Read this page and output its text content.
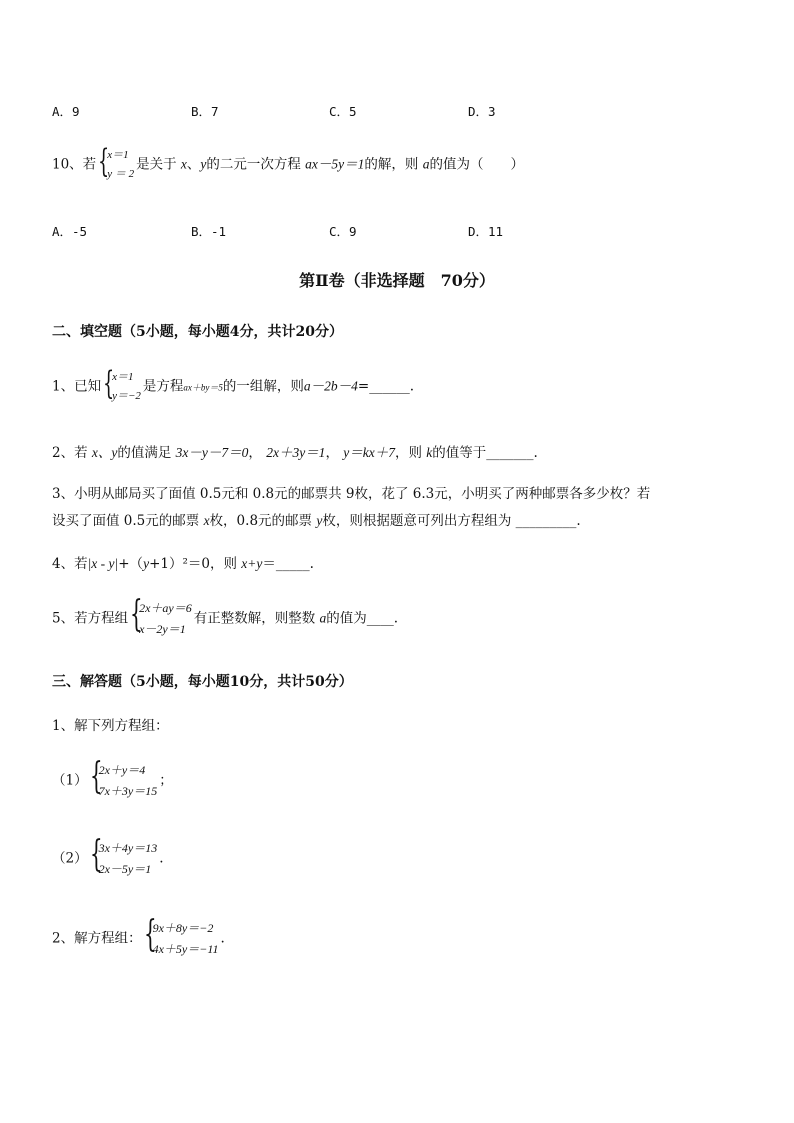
A．9	B．7	C．5	D．3
10、若 {
x＝1
y ＝ 2
是关于 x、y的二元一次方程 ax－5y＝1的解，则 a的值为（　　）
A．-5	B．-1	C．9	D．11
第Ⅱ卷（非选择题　70分）
二、填空题（5小题，每小题4分，共计20分）
1、已知 {
x＝1
y＝−2
是方程ax＋by＝5的一组解，则a－2b－4=______.
2、若 x、y的值满足 3x－y－7＝0， 2x＋3y＝1， y＝kx＋7，则 k的值等于_______.
3、小明从邮局买了面值 0.5元和 0.8元的邮票共 9枚，花了 6.3元，小明买了两种邮票各多少枚？若
设买了面值 0.5元的邮票 x枚，0.8元的邮票 y枚，则根据题意可列出方程组为 _________.
4、若|x - y|+（y+1）²＝0，则 x+y＝_____.
5、若方程组 {
2x＋ay＝6
x－2y＝1
有正整数解，则整数 a的值为____.
三、解答题（5小题，每小题10分，共计50分）
1、解下列方程组：
（1） {
2x＋y＝4
7x＋3y＝15
；
（2） {
3x＋4y＝13
2x－5y＝1
.
2、解方程组： {
9x＋8y＝−2
4x＋5y＝−11
.
